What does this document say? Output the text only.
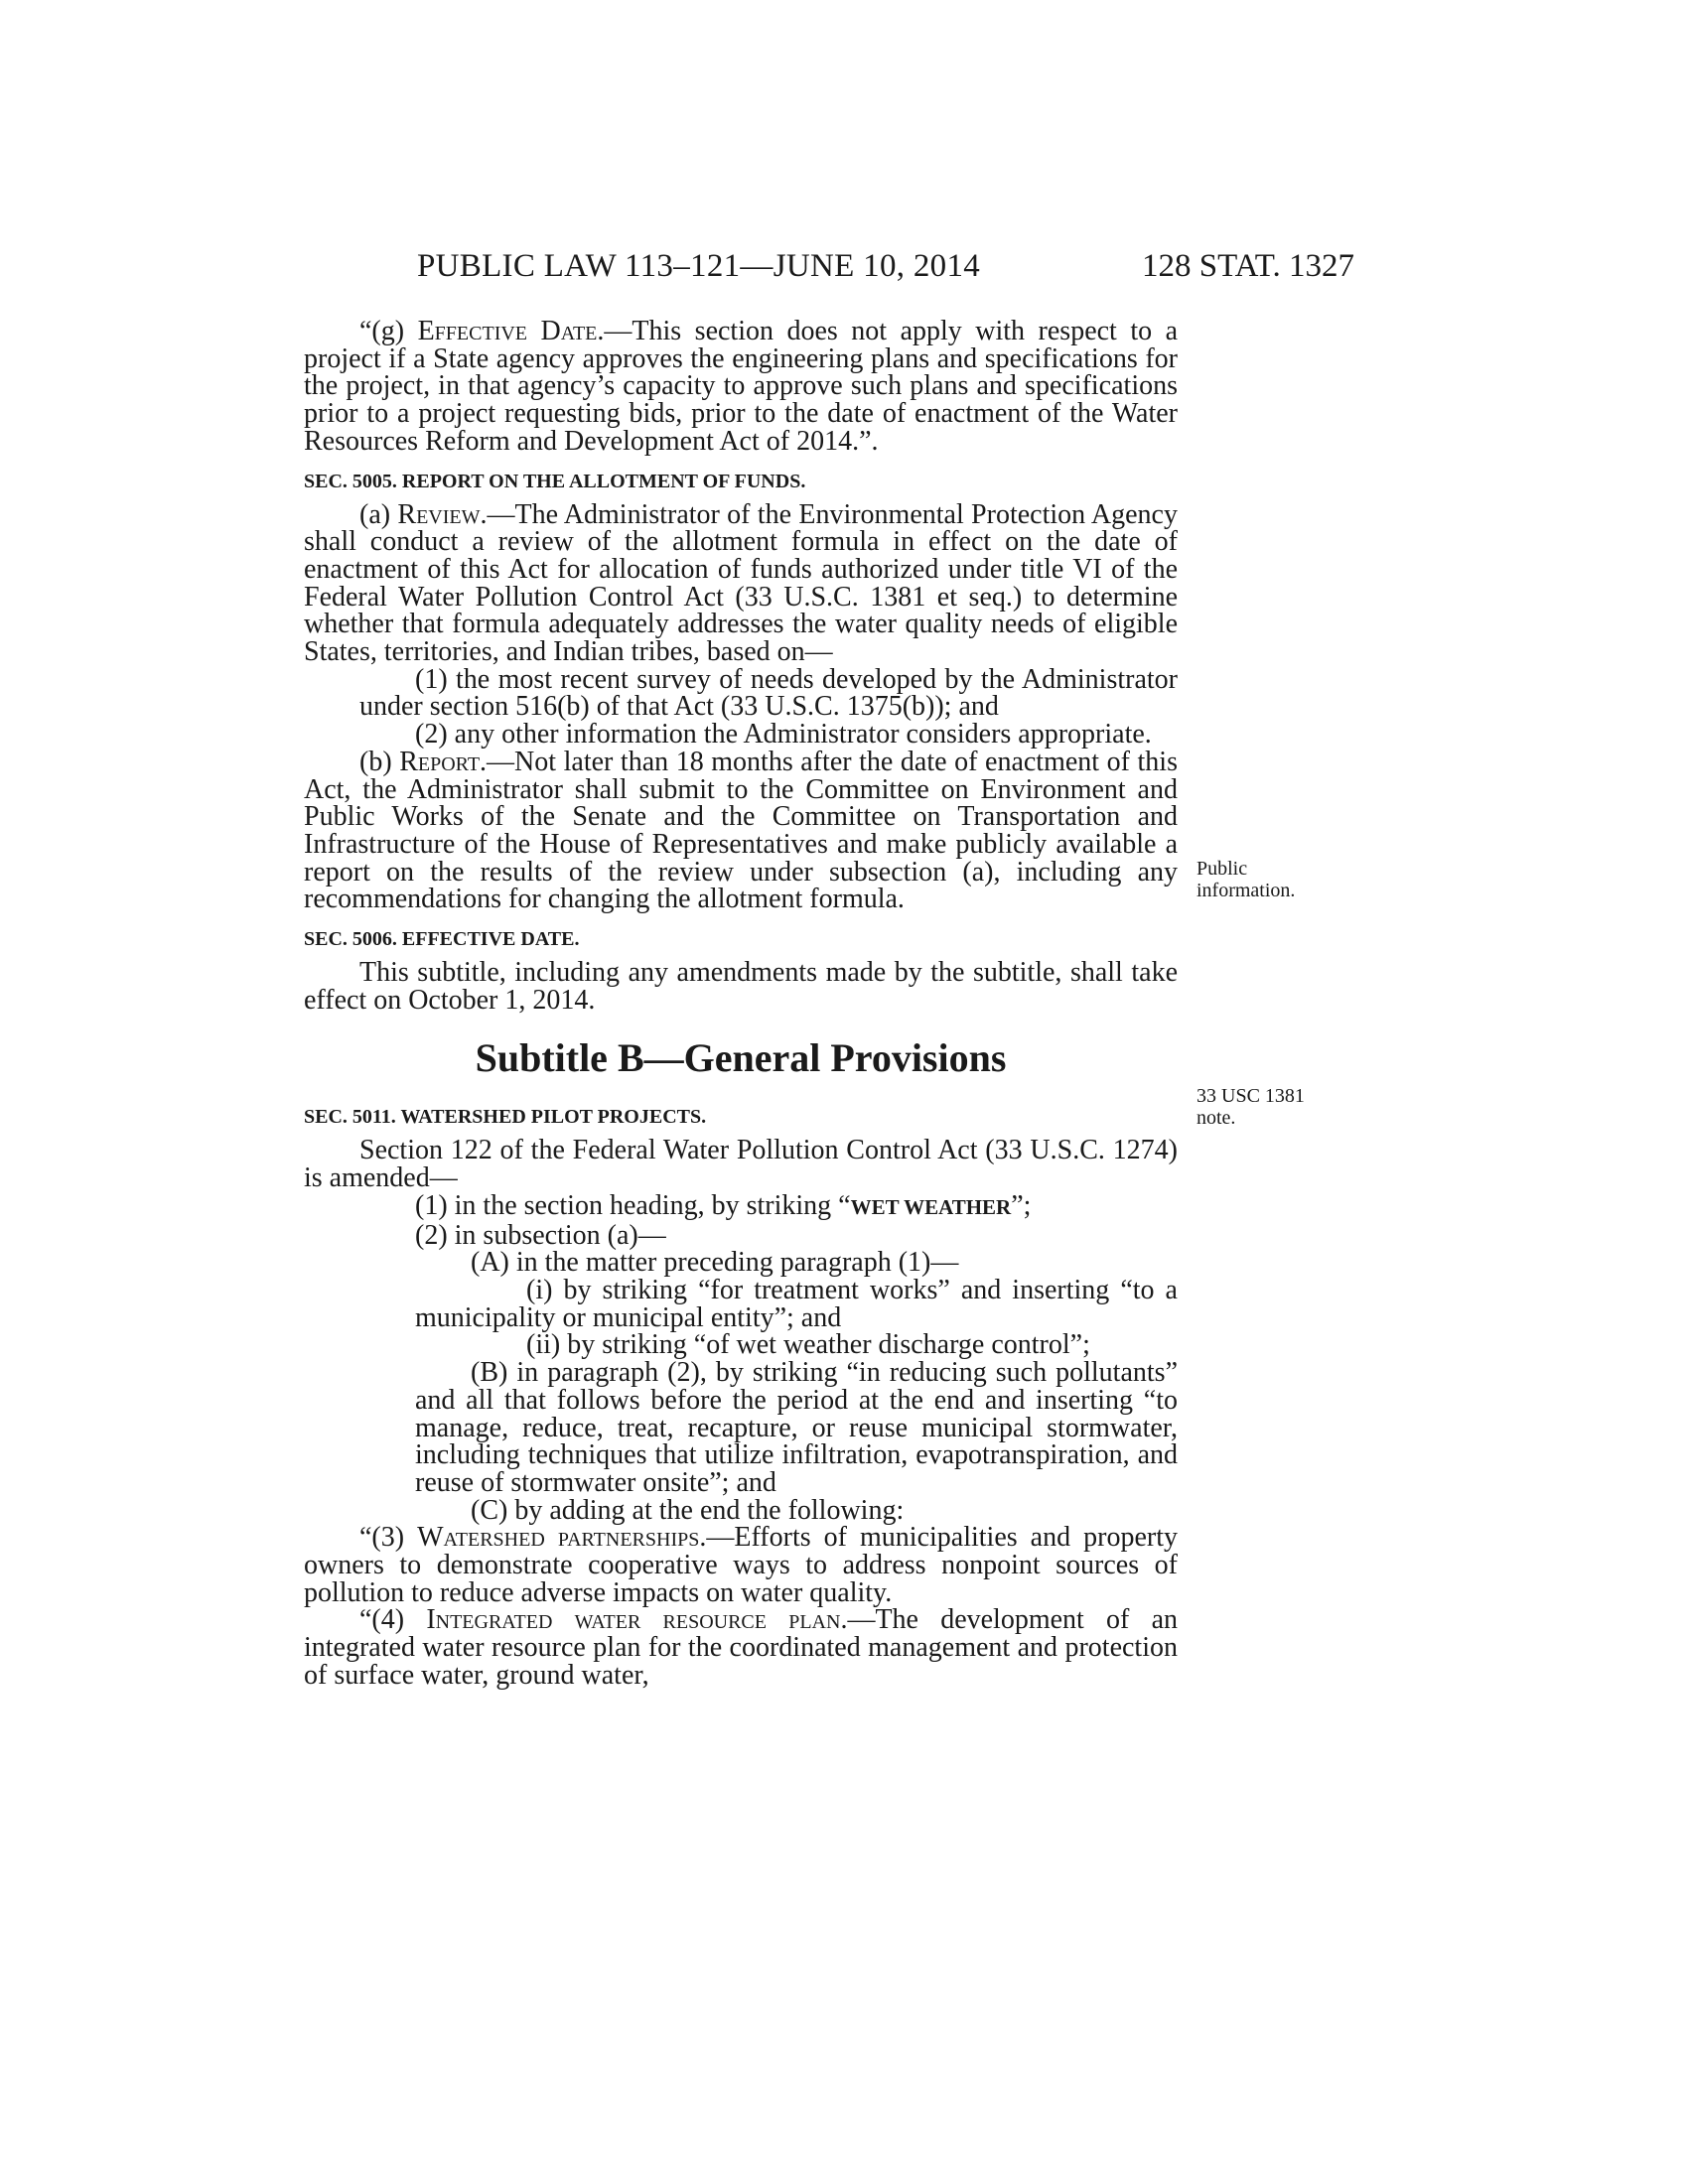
PUBLIC LAW 113–121—JUNE 10, 2014	128 STAT. 1327

“(g) Effective Date.—This section does not apply with respect to a project if a State agency approves the engineering plans and specifications for the project, in that agency’s capacity to approve such plans and specifications prior to a project requesting bids, prior to the date of enactment of the Water Resources Reform and Development Act of 2014.”.

SEC. 5005. REPORT ON THE ALLOTMENT OF FUNDS.

(a) Review.—The Administrator of the Environmental Protection Agency shall conduct a review of the allotment formula in effect on the date of enactment of this Act for allocation of funds authorized under title VI of the Federal Water Pollution Control Act (33 U.S.C. 1381 et seq.) to determine whether that formula adequately addresses the water quality needs of eligible States, territories, and Indian tribes, based on—

(1) the most recent survey of needs developed by the Administrator under section 516(b) of that Act (33 U.S.C. 1375(b)); and

(2) any other information the Administrator considers appropriate.

(b) Report.—Not later than 18 months after the date of enactment of this Act, the Administrator shall submit to the Committee on Environment and Public Works of the Senate and the Committee on Transportation and Infrastructure of the House of Representatives and make publicly available a report on the results of the review under subsection (a), including any recommendations for changing the allotment formula.

SEC. 5006. EFFECTIVE DATE.

This subtitle, including any amendments made by the subtitle, shall take effect on October 1, 2014.

Subtitle B—General Provisions
SEC. 5011. WATERSHED PILOT PROJECTS.

Section 122 of the Federal Water Pollution Control Act (33 U.S.C. 1274) is amended—

(1) in the section heading, by striking “WET WEATHER”;

(2) in subsection (a)—

(A) in the matter preceding paragraph (1)—

(i) by striking “for treatment works” and inserting “to a municipality or municipal entity”; and

(ii) by striking “of wet weather discharge control”;

(B) in paragraph (2), by striking “in reducing such pollutants” and all that follows before the period at the end and inserting “to manage, reduce, treat, recapture, or reuse municipal stormwater, including techniques that utilize infiltration, evapotranspiration, and reuse of stormwater onsite”; and

(C) by adding at the end the following:

“(3) Watershed partnerships.—Efforts of municipalities and property owners to demonstrate cooperative ways to address nonpoint sources of pollution to reduce adverse impacts on water quality.

“(4) Integrated water resource plan.—The development of an integrated water resource plan for the coordinated management and protection of surface water, ground water,

Public information.
33 USC 1381 note.
